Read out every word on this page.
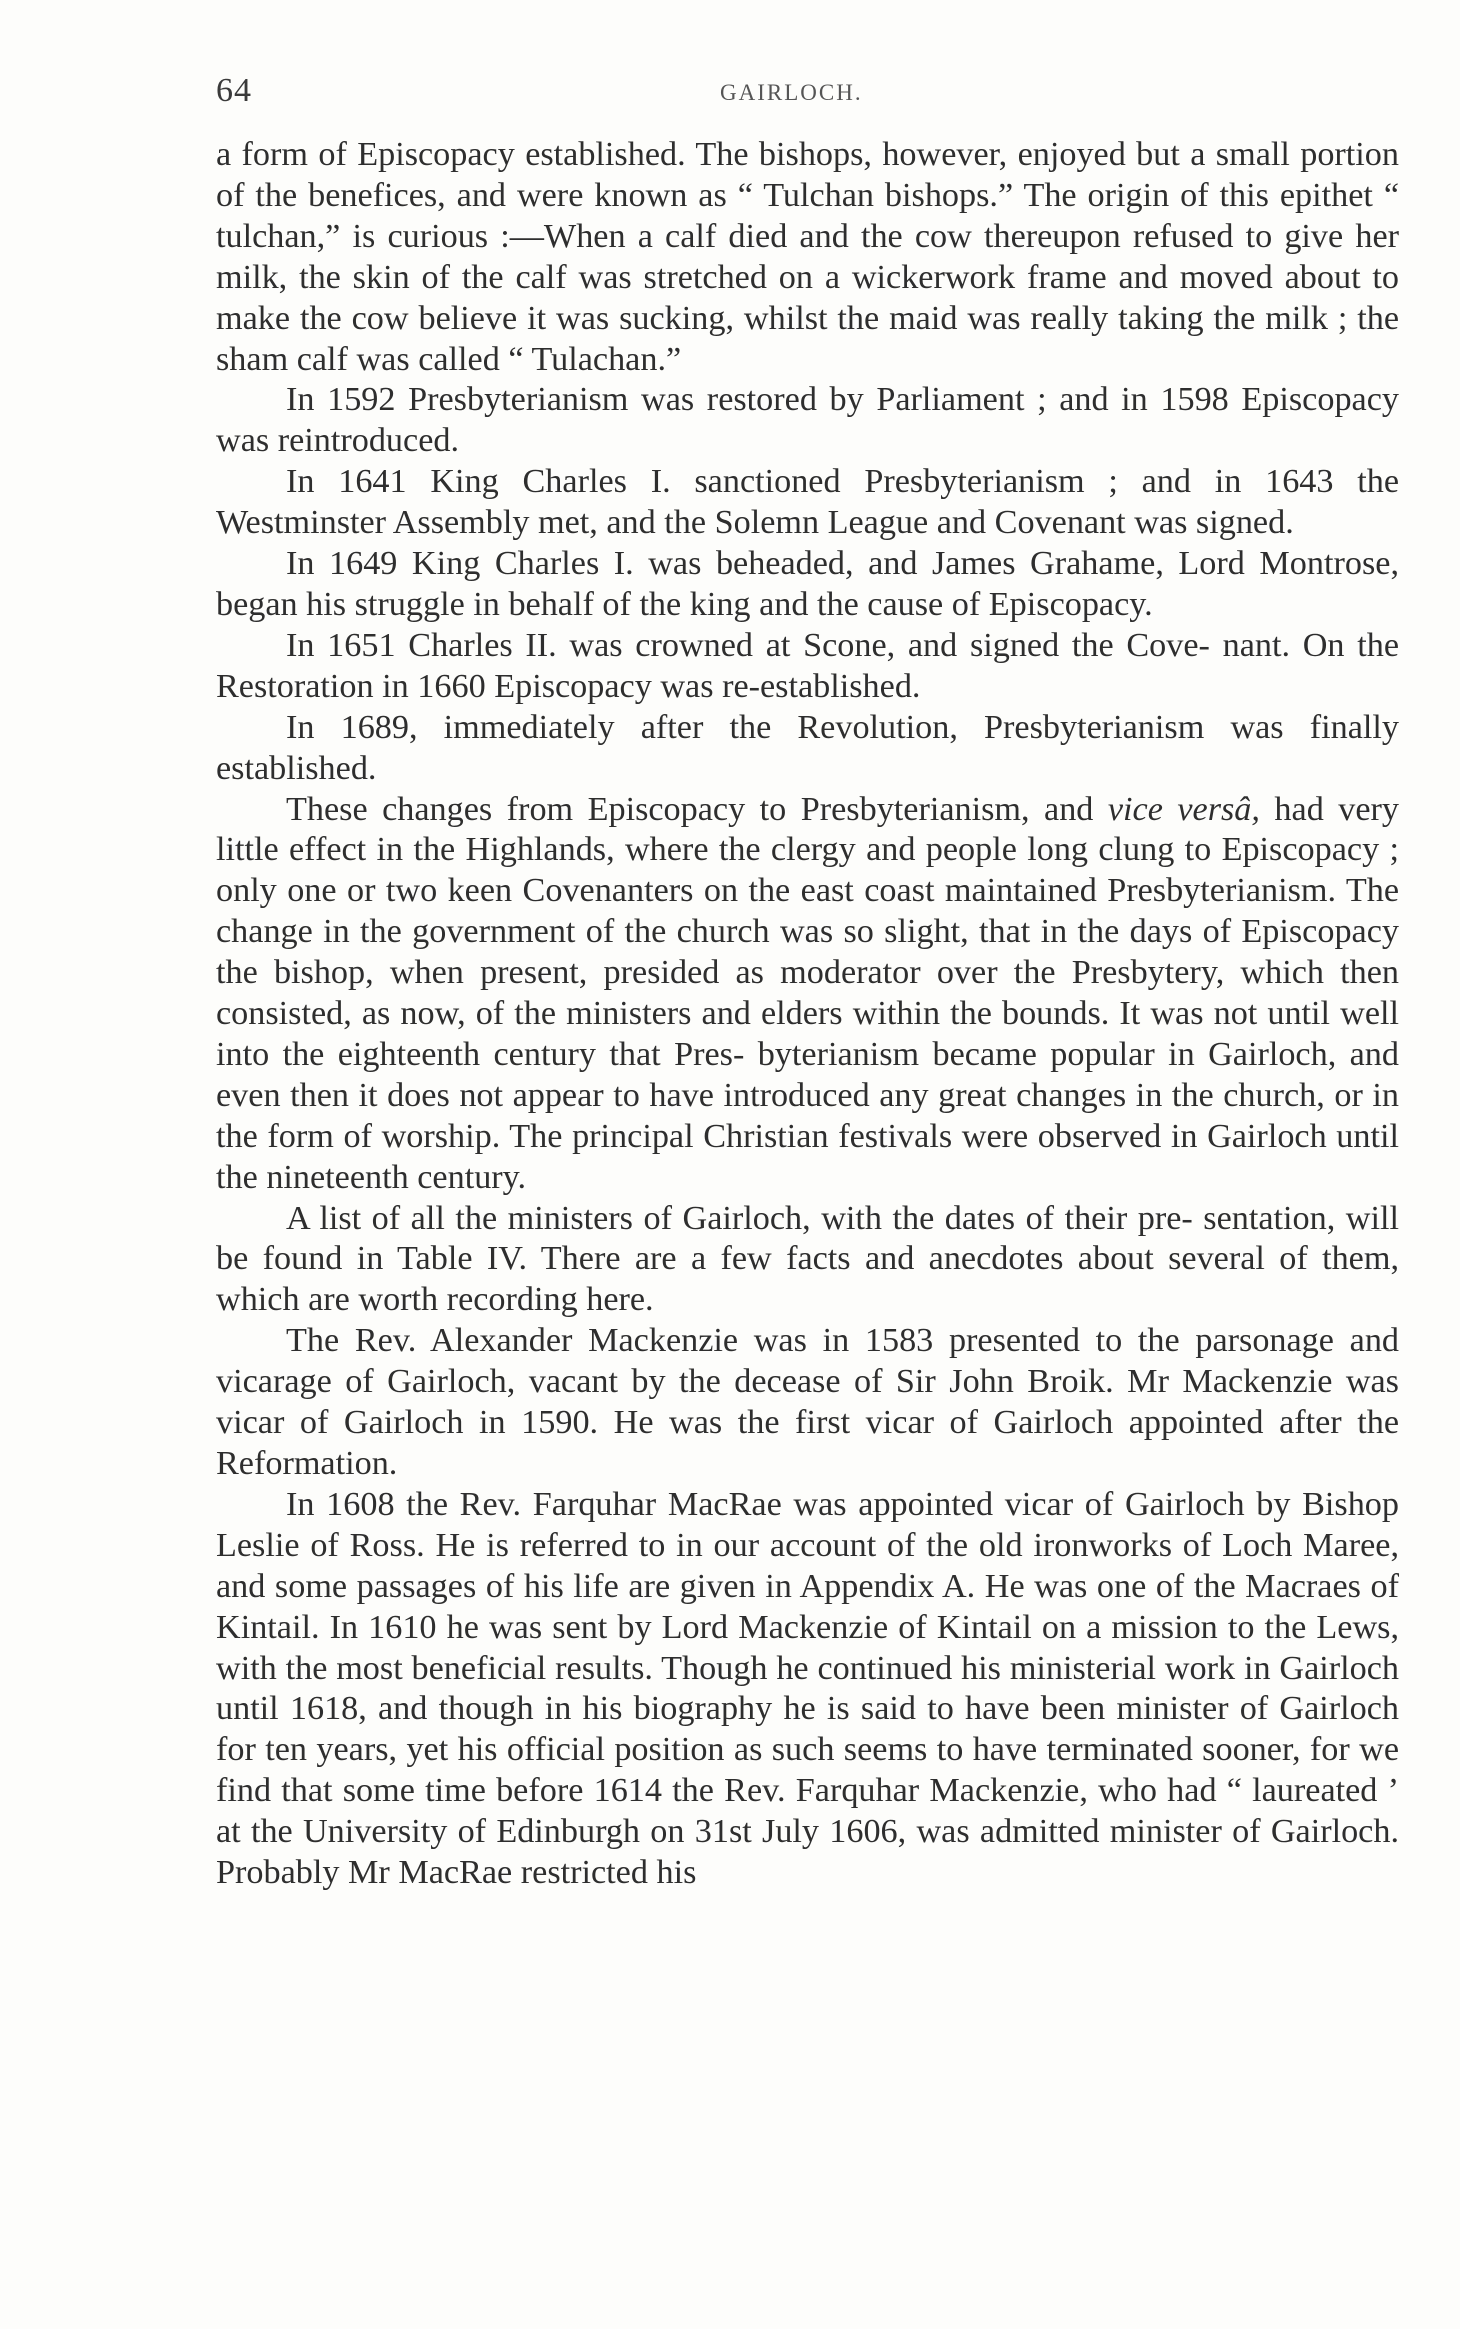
64	GAIRLOCH.

a form of Episcopacy established. The bishops, however, enjoyed but a small portion of the benefices, and were known as “ Tulchan bishops.” The origin of this epithet “ tulchan,” is curious :—When a calf died and the cow thereupon refused to give her milk, the skin of the calf was stretched on a wickerwork frame and moved about to make the cow believe it was sucking, whilst the maid was really taking the milk ; the sham calf was called “ Tulachan.”

In 1592 Presbyterianism was restored by Parliament ; and in 1598 Episcopacy was reintroduced.

In 1641 King Charles I. sanctioned Presbyterianism ; and in 1643 the Westminster Assembly met, and the Solemn League and Covenant was signed.

In 1649 King Charles I. was beheaded, and James Grahame, Lord Montrose, began his struggle in behalf of the king and the cause of Episcopacy.

In 1651 Charles II. was crowned at Scone, and signed the Cove- nant. On the Restoration in 1660 Episcopacy was re-established.

In 1689, immediately after the Revolution, Presbyterianism was finally established.

These changes from Episcopacy to Presbyterianism, and vice versâ, had very little effect in the Highlands, where the clergy and people long clung to Episcopacy ; only one or two keen Covenanters on the east coast maintained Presbyterianism. The change in the government of the church was so slight, that in the days of Episcopacy the bishop, when present, presided as moderator over the Presbytery, which then consisted, as now, of the ministers and elders within the bounds. It was not until well into the eighteenth century that Pres- byterianism became popular in Gairloch, and even then it does not appear to have introduced any great changes in the church, or in the form of worship. The principal Christian festivals were observed in Gairloch until the nineteenth century.

A list of all the ministers of Gairloch, with the dates of their pre- sentation, will be found in Table IV. There are a few facts and anecdotes about several of them, which are worth recording here.

The Rev. Alexander Mackenzie was in 1583 presented to the parsonage and vicarage of Gairloch, vacant by the decease of Sir John Broik. Mr Mackenzie was vicar of Gairloch in 1590. He was the first vicar of Gairloch appointed after the Reformation.

In 1608 the Rev. Farquhar MacRae was appointed vicar of Gairloch by Bishop Leslie of Ross. He is referred to in our account of the old ironworks of Loch Maree, and some passages of his life are given in Appendix A. He was one of the Macraes of Kintail. In 1610 he was sent by Lord Mackenzie of Kintail on a mission to the Lews, with the most beneficial results. Though he continued his ministerial work in Gairloch until 1618, and though in his biography he is said to have been minister of Gairloch for ten years, yet his official position as such seems to have terminated sooner, for we find that some time before 1614 the Rev. Farquhar Mackenzie, who had “ laureated ’ at the University of Edinburgh on 31st July 1606, was admitted minister of Gairloch. Probably Mr MacRae restricted his
